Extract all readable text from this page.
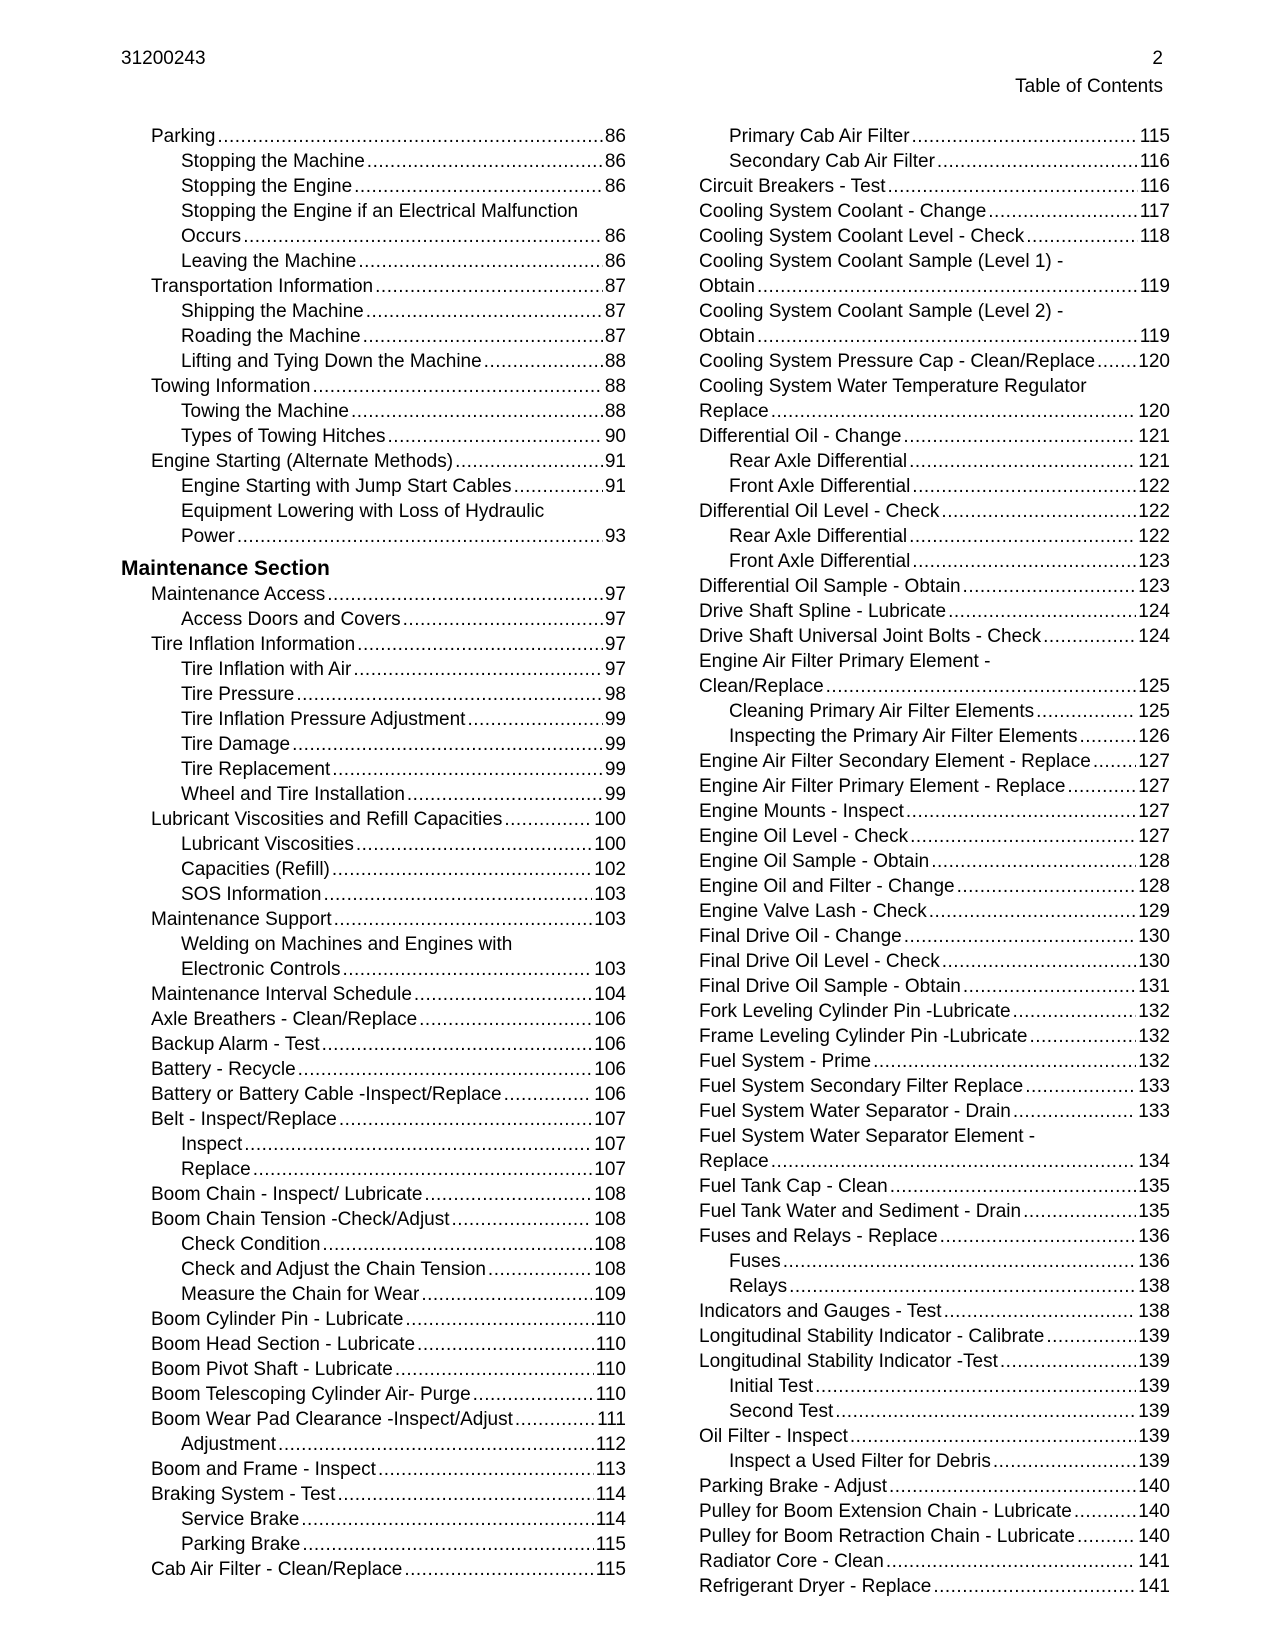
31200243	2
Table of Contents
Parking .....	86
Stopping the Machine .....	86
Stopping the Engine .....	86
Stopping the Engine if an Electrical Malfunction
Occurs .....	86
Leaving the Machine .....	86
Transportation Information .....	87
Shipping the Machine .....	87
Roading the Machine .....	87
Lifting and Tying Down the Machine .....	88
Towing Information .....	88
Towing the Machine .....	88
Types of Towing Hitches .....	90
Engine Starting (Alternate Methods) .....	91
Engine Starting with Jump Start Cables .....	91
Equipment Lowering with Loss of Hydraulic
Power .....	93
Maintenance Section
Maintenance Access .....	97
Access Doors and Covers .....	97
Tire Inflation Information .....	97
Tire Inflation with Air .....	97
Tire Pressure .....	98
Tire Inflation Pressure Adjustment .....	99
Tire Damage .....	99
Tire Replacement .....	99
Wheel and Tire Installation .....	99
Lubricant Viscosities and Refill Capacities .....	100
Lubricant Viscosities .....	100
Capacities (Refill) .....	102
SOS Information .....	103
Maintenance Support .....	103
Welding on Machines and Engines with
Electronic Controls .....	103
Maintenance Interval Schedule .....	104
Axle Breathers - Clean/Replace .....	106
Backup Alarm - Test .....	106
Battery - Recycle .....	106
Battery or Battery Cable -Inspect/Replace .....	106
Belt - Inspect/Replace .....	107
Inspect .....	107
Replace .....	107
Boom Chain - Inspect/ Lubricate .....	108
Boom Chain Tension -Check/Adjust .....	108
Check Condition .....	108
Check and Adjust the Chain Tension .....	108
Measure the Chain for Wear .....	109
Boom Cylinder Pin - Lubricate .....	110
Boom Head Section - Lubricate .....	110
Boom Pivot Shaft - Lubricate .....	110
Boom Telescoping Cylinder Air- Purge .....	110
Boom Wear Pad Clearance -Inspect/Adjust .....	111
Adjustment .....	112
Boom and Frame - Inspect .....	113
Braking System - Test .....	114
Service Brake .....	114
Parking Brake .....	115
Cab Air Filter - Clean/Replace .....	115
Primary Cab Air Filter .....	115
Secondary Cab Air Filter .....	116
Circuit Breakers - Test .....	116
Cooling System Coolant - Change .....	117
Cooling System Coolant Level - Check .....	118
Cooling System Coolant Sample (Level 1) -
Obtain .....	119
Cooling System Coolant Sample (Level 2) -
Obtain .....	119
Cooling System Pressure Cap - Clean/Replace ..... 120
Cooling System Water Temperature Regulator
Replace .....	120
Differential Oil - Change .....	121
Rear Axle Differential .....	121
Front Axle Differential .....	122
Differential Oil Level - Check .....	122
Rear Axle Differential .....	122
Front Axle Differential .....	123
Differential Oil Sample - Obtain .....	123
Drive Shaft Spline - Lubricate .....	124
Drive Shaft Universal Joint Bolts - Check .....	124
Engine Air Filter Primary Element -
Clean/Replace .....	125
Cleaning Primary Air Filter Elements .....	125
Inspecting the Primary Air Filter Elements .....	126
Engine Air Filter Secondary Element - Replace ..... 127
Engine Air Filter Primary Element - Replace .....	127
Engine Mounts - Inspect .....	127
Engine Oil Level - Check .....	127
Engine Oil Sample - Obtain .....	128
Engine Oil and Filter - Change .....	128
Engine Valve Lash - Check .....	129
Final Drive Oil - Change .....	130
Final Drive Oil Level - Check .....	130
Final Drive Oil Sample - Obtain .....	131
Fork Leveling Cylinder Pin -Lubricate .....	132
Frame Leveling Cylinder Pin -Lubricate .....	132
Fuel System - Prime .....	132
Fuel System Secondary Filter Replace .....	133
Fuel System Water Separator - Drain .....	133
Fuel System Water Separator Element -
Replace .....	134
Fuel Tank Cap - Clean .....	135
Fuel Tank Water and Sediment - Drain .....	135
Fuses and Relays - Replace .....	136
Fuses .....	136
Relays .....	138
Indicators and Gauges - Test .....	138
Longitudinal Stability Indicator - Calibrate .....	139
Longitudinal Stability Indicator -Test .....	139
Initial Test .....	139
Second Test .....	139
Oil Filter - Inspect .....	139
Inspect a Used Filter for Debris .....	139
Parking Brake - Adjust .....	140
Pulley for Boom Extension Chain - Lubricate .....	140
Pulley for Boom Retraction Chain - Lubricate .....	140
Radiator Core - Clean .....	141
Refrigerant Dryer - Replace .....	141
